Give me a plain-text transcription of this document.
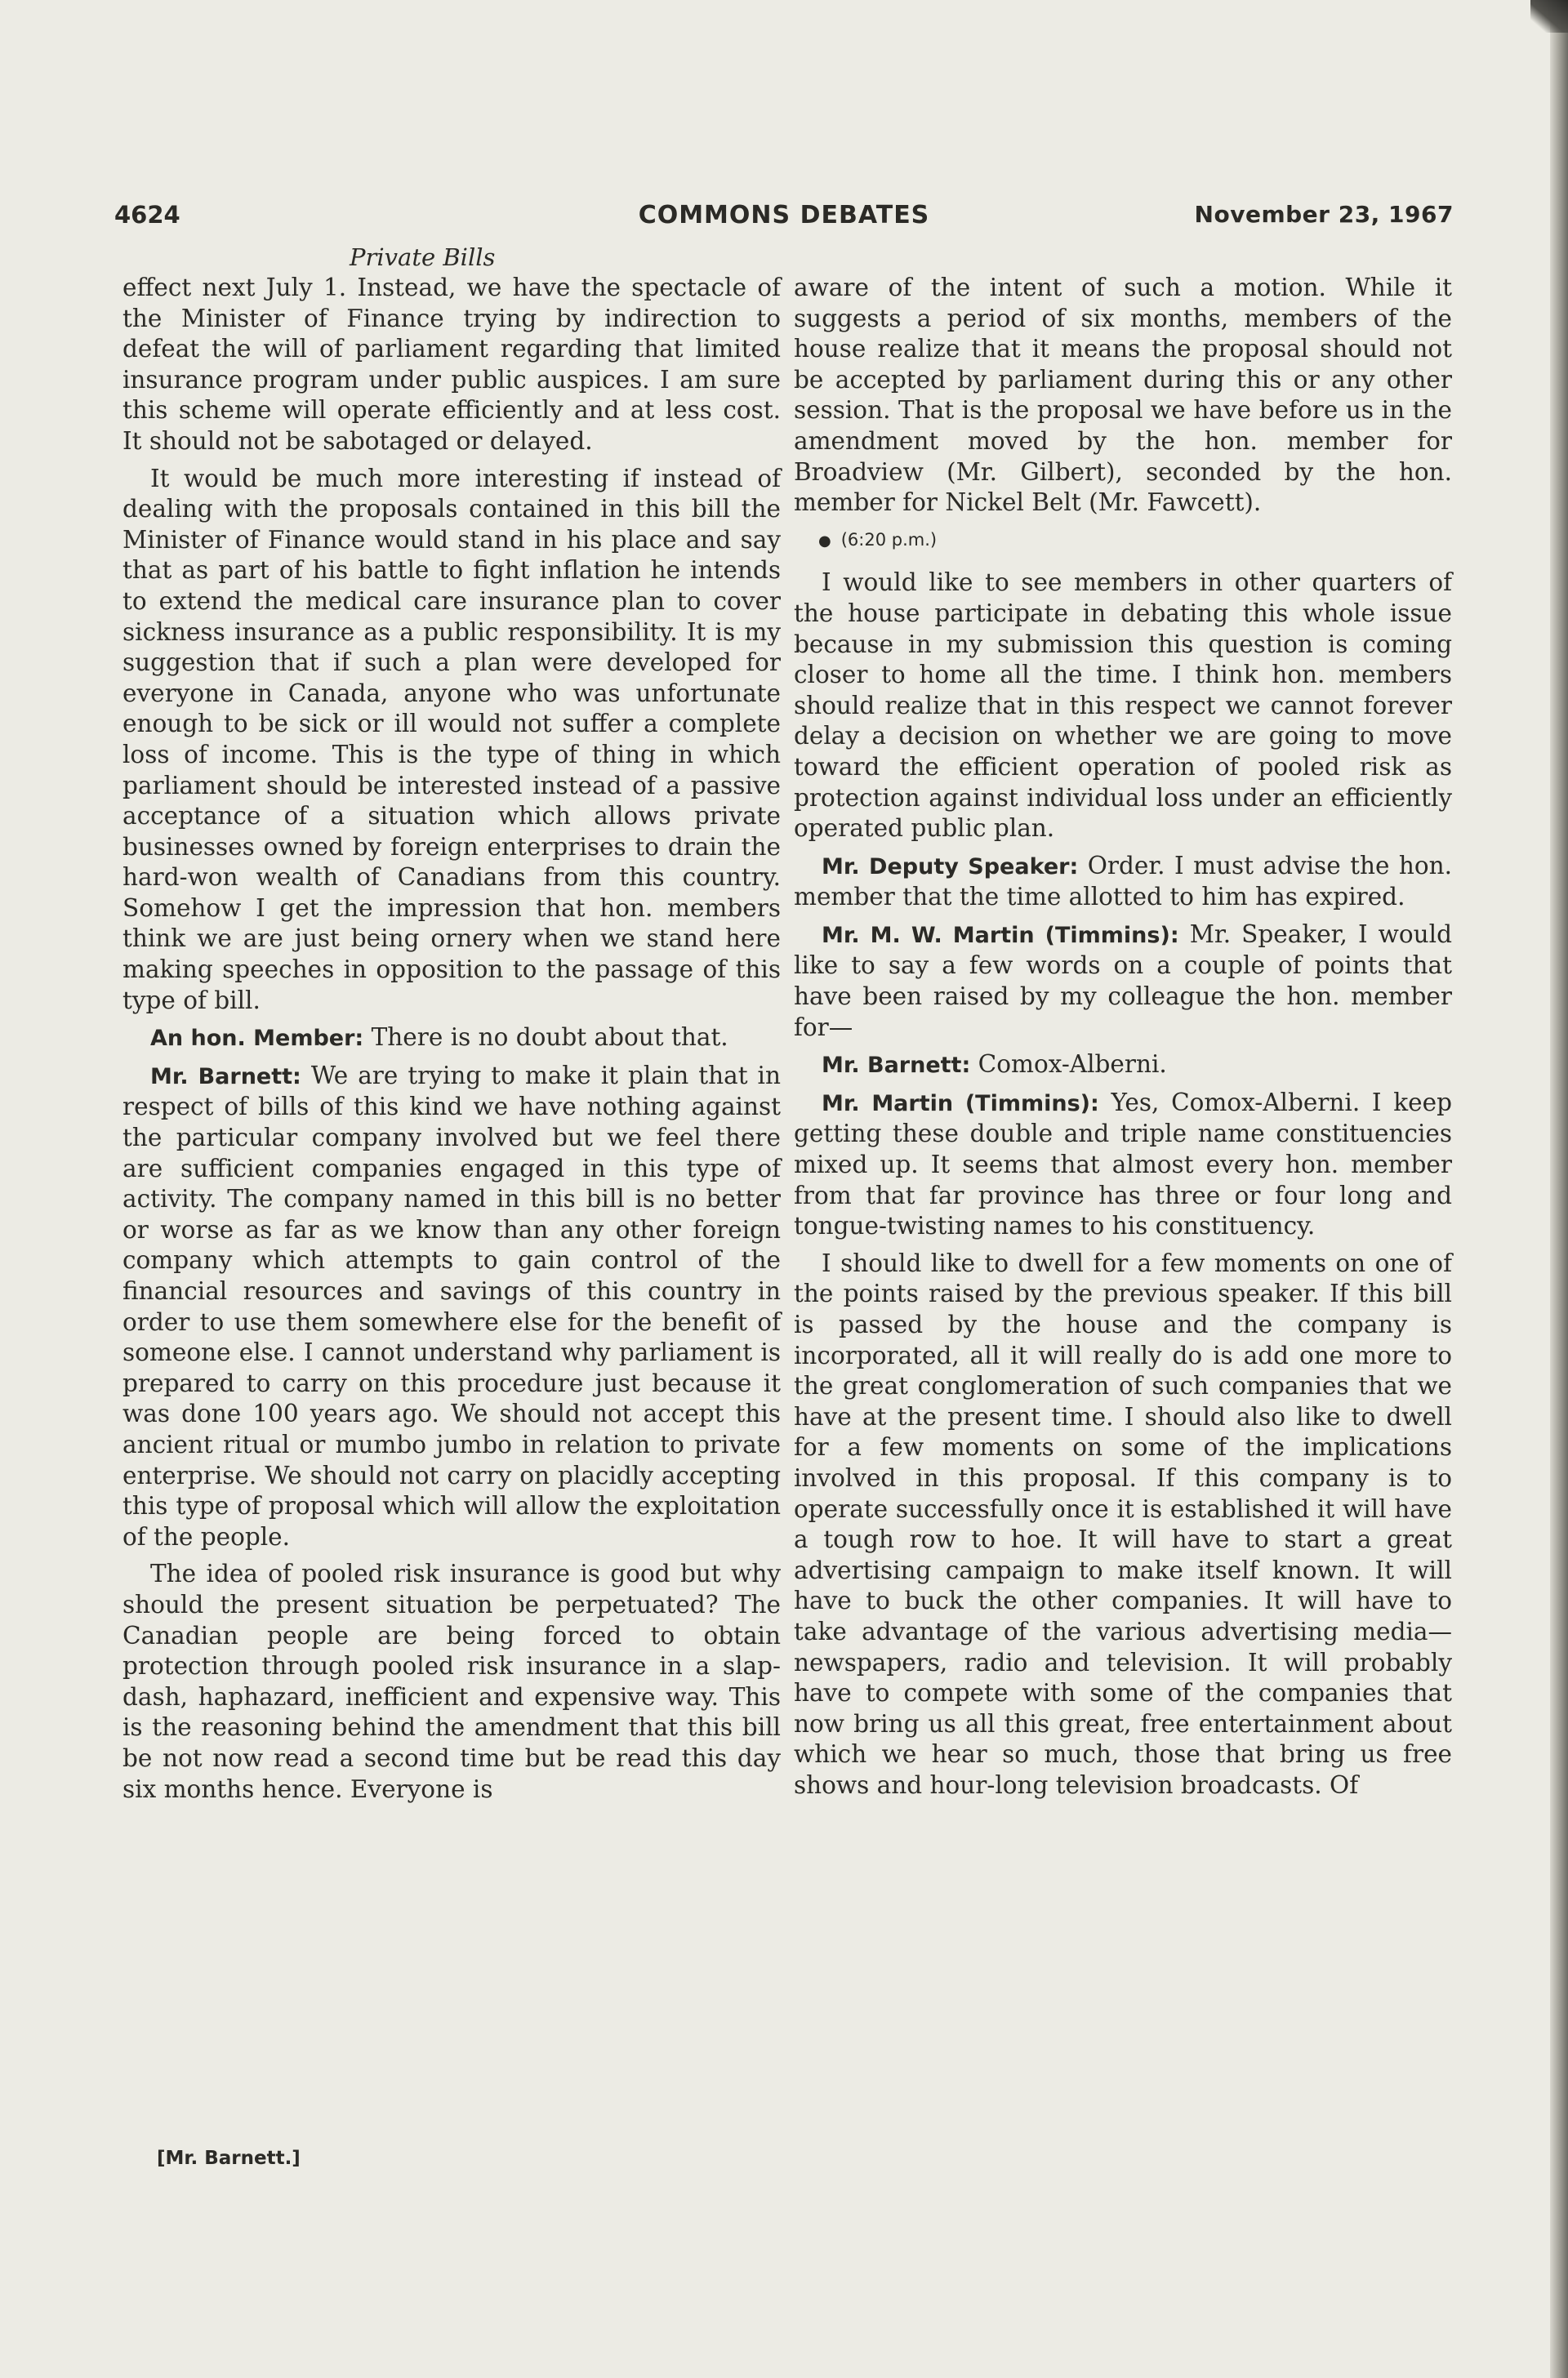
4624	COMMONS DEBATES	November 23, 1967
Private Bills

effect next July 1. Instead, we have the spectacle of the Minister of Finance trying by indirection to defeat the will of parliament regarding that limited insurance program under public auspices. I am sure this scheme will operate efficiently and at less cost. It should not be sabotaged or delayed.

It would be much more interesting if instead of dealing with the proposals contained in this bill the Minister of Finance would stand in his place and say that as part of his battle to fight inflation he intends to extend the medical care insurance plan to cover sickness insurance as a public responsibility. It is my suggestion that if such a plan were developed for everyone in Canada, anyone who was unfortunate enough to be sick or ill would not suffer a complete loss of income. This is the type of thing in which parliament should be interested instead of a passive acceptance of a situation which allows private businesses owned by foreign enterprises to drain the hard-won wealth of Canadians from this country. Somehow I get the impression that hon. members think we are just being ornery when we stand here making speeches in opposition to the passage of this type of bill.

An hon. Member: There is no doubt about that.

Mr. Barnett: We are trying to make it plain that in respect of bills of this kind we have nothing against the particular company involved but we feel there are sufficient companies engaged in this type of activity. The company named in this bill is no better or worse as far as we know than any other foreign company which attempts to gain control of the financial resources and savings of this country in order to use them somewhere else for the benefit of someone else. I cannot understand why parliament is prepared to carry on this procedure just because it was done 100 years ago. We should not accept this ancient ritual or mumbo jumbo in relation to private enterprise. We should not carry on placidly accepting this type of proposal which will allow the exploitation of the people.

The idea of pooled risk insurance is good but why should the present situation be perpetuated? The Canadian people are being forced to obtain protection through pooled risk insurance in a slap-dash, haphazard, inefficient and expensive way. This is the reasoning behind the amendment that this bill be not now read a second time but be read this day six months hence. Everyone is

aware of the intent of such a motion. While it suggests a period of six months, members of the house realize that it means the proposal should not be accepted by parliament during this or any other session. That is the proposal we have before us in the amendment moved by the hon. member for Broadview (Mr. Gilbert), seconded by the hon. member for Nickel Belt (Mr. Fawcett).

● (6:20 p.m.)

I would like to see members in other quarters of the house participate in debating this whole issue because in my submission this question is coming closer to home all the time. I think hon. members should realize that in this respect we cannot forever delay a decision on whether we are going to move toward the efficient operation of pooled risk as protection against individual loss under an efficiently operated public plan.

Mr. Deputy Speaker: Order. I must advise the hon. member that the time allotted to him has expired.

Mr. M. W. Martin (Timmins): Mr. Speaker, I would like to say a few words on a couple of points that have been raised by my colleague the hon. member for—

Mr. Barnett: Comox-Alberni.

Mr. Martin (Timmins): Yes, Comox-Alberni. I keep getting these double and triple name constituencies mixed up. It seems that almost every hon. member from that far province has three or four long and tongue-twisting names to his constituency.

I should like to dwell for a few moments on one of the points raised by the previous speaker. If this bill is passed by the house and the company is incorporated, all it will really do is add one more to the great conglomeration of such companies that we have at the present time. I should also like to dwell for a few moments on some of the implications involved in this proposal. If this company is to operate successfully once it is established it will have a tough row to hoe. It will have to start a great advertising campaign to make itself known. It will have to buck the other companies. It will have to take advantage of the various advertising media—newspapers, radio and television. It will probably have to compete with some of the companies that now bring us all this great, free entertainment about which we hear so much, those that bring us free shows and hour-long television broadcasts. Of

[Mr. Barnett.]
